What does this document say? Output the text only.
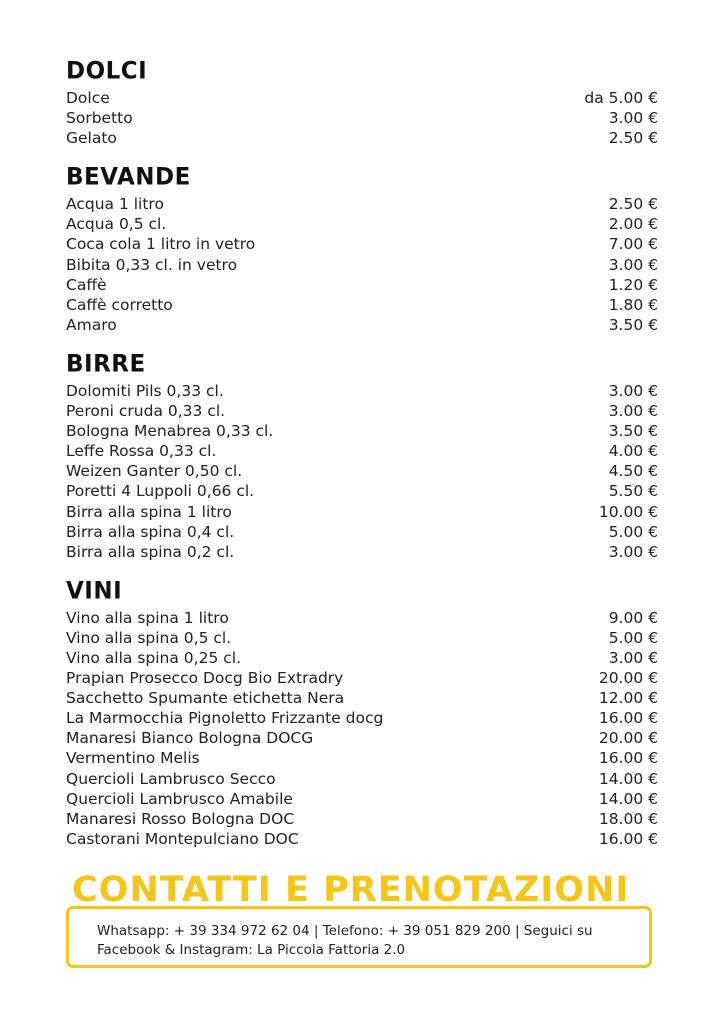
DOLCI
Dolce	da 5.00 €
Sorbetto	3.00 €
Gelato	2.50 €
BEVANDE
Acqua 1 litro	2.50 €
Acqua 0,5 cl.	2.00 €
Coca cola 1 litro in vetro	7.00 €
Bibita 0,33 cl. in vetro	3.00 €
Caffè	1.20 €
Caffè corretto	1.80 €
Amaro	3.50 €
BIRRE
Dolomiti Pils 0,33 cl.	3.00 €
Peroni cruda 0,33 cl.	3.00 €
Bologna Menabrea 0,33 cl.	3.50 €
Leffe Rossa 0,33 cl.	4.00 €
Weizen Ganter 0,50 cl.	4.50 €
Poretti 4 Luppoli 0,66 cl.	5.50 €
Birra alla spina 1 litro	10.00 €
Birra alla spina 0,4 cl.	5.00 €
Birra alla spina 0,2 cl.	3.00 €
VINI
Vino alla spina 1 litro	9.00 €
Vino alla spina 0,5 cl.	5.00 €
Vino alla spina 0,25 cl.	3.00 €
Prapian Prosecco Docg Bio Extradry	20.00 €
Sacchetto Spumante etichetta Nera	12.00 €
La Marmocchia Pignoletto Frizzante docg	16.00 €
Manaresi Bianco Bologna DOCG	20.00 €
Vermentino Melis	16.00 €
Quercioli Lambrusco Secco	14.00 €
Quercioli Lambrusco Amabile	14.00 €
Manaresi Rosso Bologna DOC	18.00 €
Castorani Montepulciano DOC	16.00 €
CONTATTI E PRENOTAZIONI
Whatsapp: + 39 334 972 62 04 | Telefono: + 39 051 829 200 | Seguici su
Facebook & Instagram: La Piccola Fattoria 2.0
